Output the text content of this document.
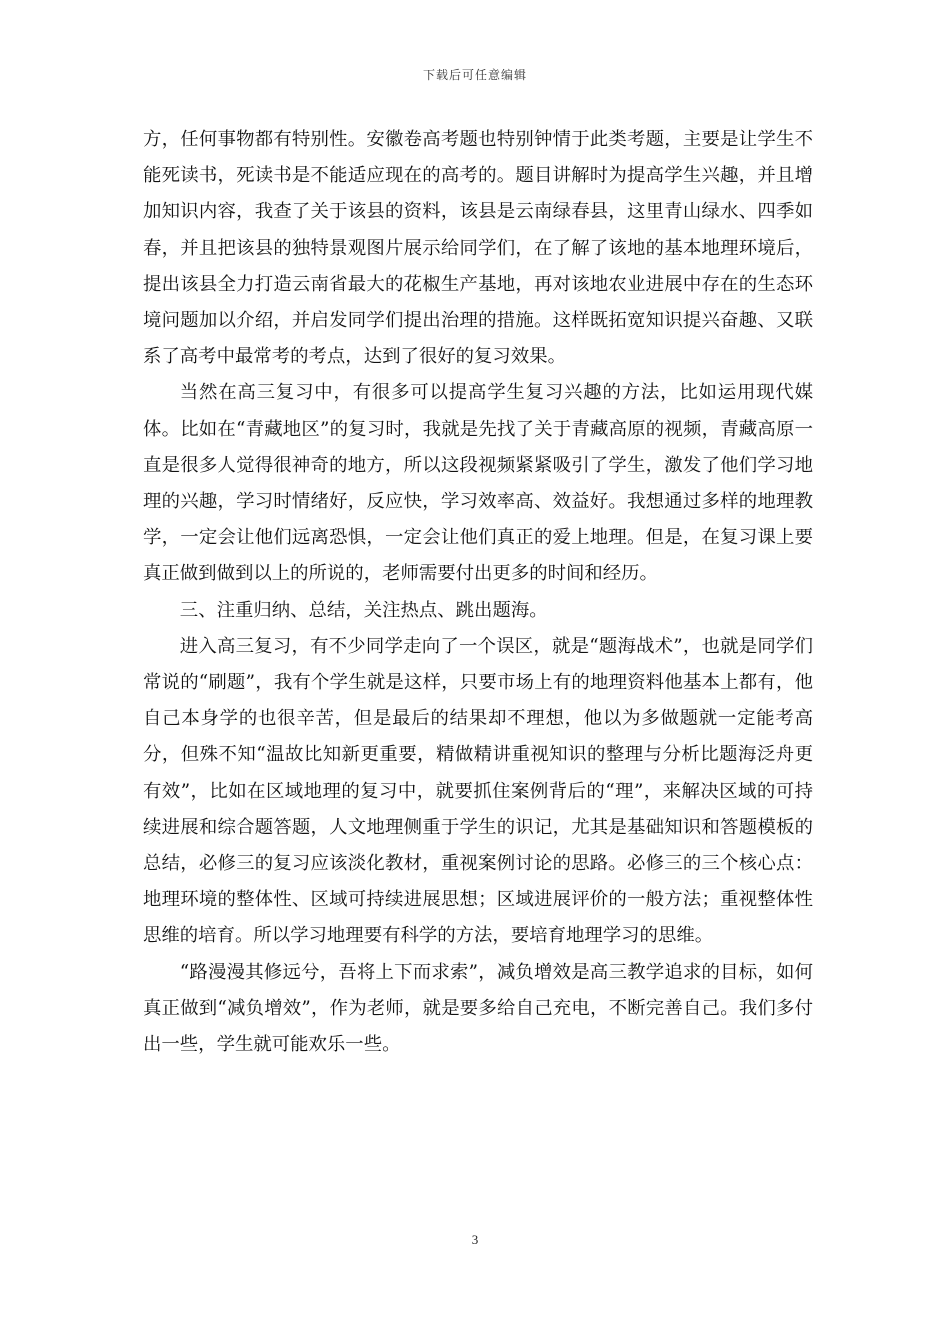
下载后可任意编辑

方，任何事物都有特别性。安徽卷高考题也特别钟情于此类考题，主要是让学生不能死读书，死读书是不能适应现在的高考的。题目讲解时为提高学生兴趣，并且增加知识内容，我查了关于该县的资料，该县是云南绿春县，这里青山绿水、四季如春，并且把该县的独特景观图片展示给同学们，在了解了该地的基本地理环境后，提出该县全力打造云南省最大的花椒生产基地，再对该地农业进展中存在的生态环境问题加以介绍，并启发同学们提出治理的措施。这样既拓宽知识提兴奋趣、又联系了高考中最常考的考点，达到了很好的复习效果。

当然在高三复习中，有很多可以提高学生复习兴趣的方法，比如运用现代媒体。比如在“青藏地区”的复习时，我就是先找了关于青藏高原的视频，青藏高原一直是很多人觉得很神奇的地方，所以这段视频紧紧吸引了学生，激发了他们学习地理的兴趣，学习时情绪好，反应快，学习效率高、效益好。我想通过多样的地理教学，一定会让他们远离恐惧，一定会让他们真正的爱上地理。但是，在复习课上要真正做到做到以上的所说的，老师需要付出更多的时间和经历。

三、注重归纳、总结，关注热点、跳出题海。

进入高三复习，有不少同学走向了一个误区，就是“题海战术”，也就是同学们常说的“刷题”，我有个学生就是这样，只要市场上有的地理资料他基本上都有，他自己本身学的也很辛苦，但是最后的结果却不理想，他以为多做题就一定能考高分，但殊不知“温故比知新更重要，精做精讲重视知识的整理与分析比题海泛舟更有效”，比如在区域地理的复习中，就要抓住案例背后的“理”，来解决区域的可持续进展和综合题答题，人文地理侧重于学生的识记，尤其是基础知识和答题模板的总结，必修三的复习应该淡化教材，重视案例讨论的思路。必修三的三个核心点：地理环境的整体性、区域可持续进展思想；区域进展评价的一般方法；重视整体性思维的培育。所以学习地理要有科学的方法，要培育地理学习的思维。

“路漫漫其修远兮，吾将上下而求索”，减负增效是高三教学追求的目标，如何真正做到“减负增效”，作为老师，就是要多给自己充电，不断完善自己。我们多付出一些，学生就可能欢乐一些。

3
